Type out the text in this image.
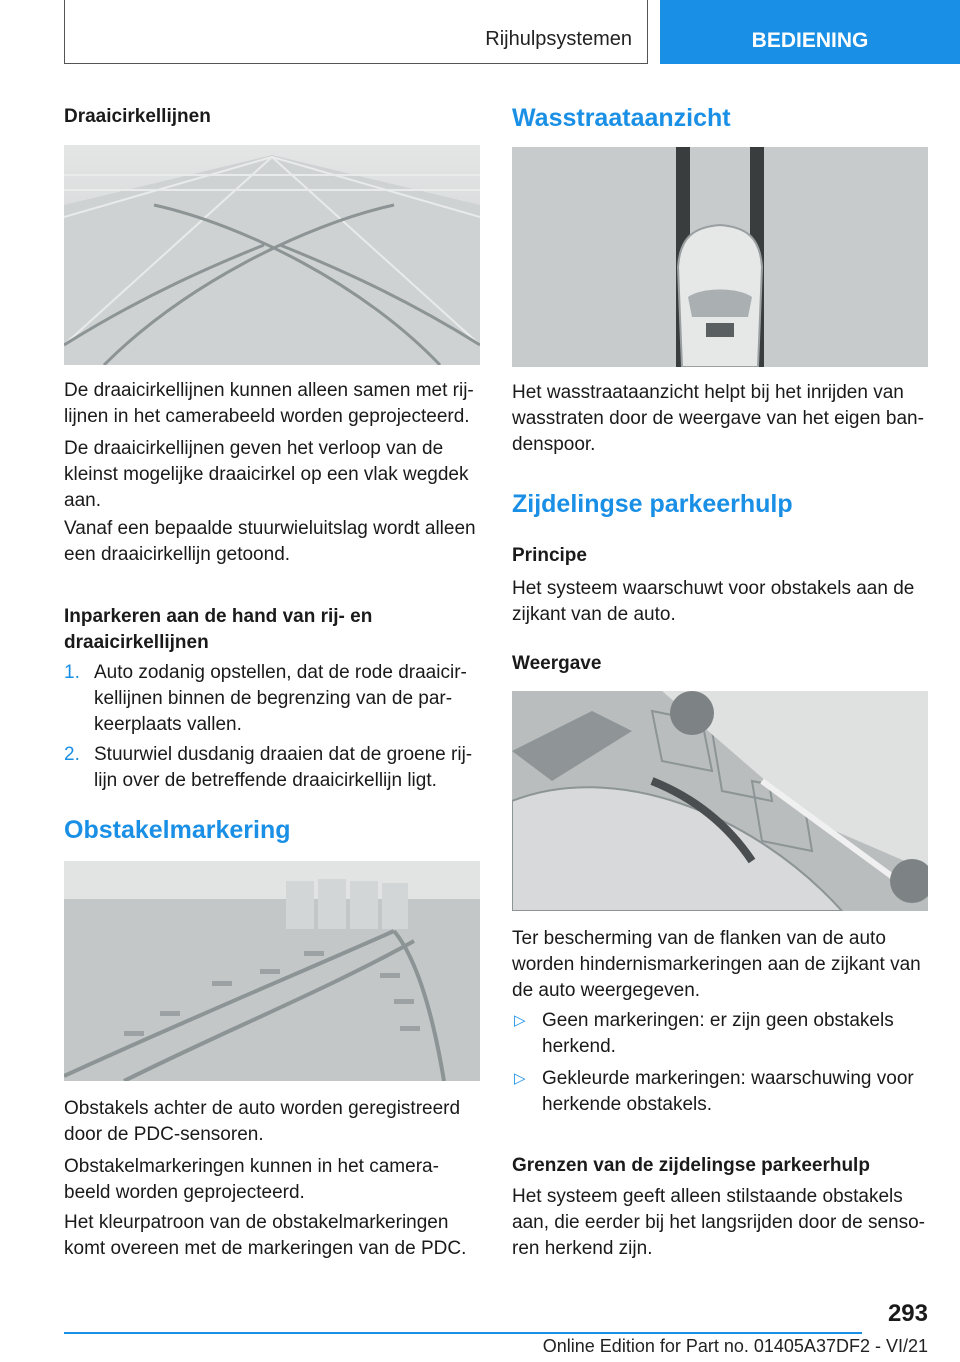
Rijhulpsystemen	BEDIENING
Draaicirkellijnen

De draaicirkellijnen kunnen alleen samen met rij-lijnen in het camerabeeld worden geprojecteerd.

De draaicirkellijnen geven het verloop van de kleinst mogelijke draaicirkel op een vlak wegdek aan.

Vanaf een bepaalde stuurwieluitslag wordt alleen een draaicirkellijn getoond.

Inparkeren aan de hand van rij- en draaicirkellijnen
1. Auto zodanig opstellen, dat de rode draaicir-kellijnen binnen de begrenzing van de par-keerplaats vallen.
2. Stuurwiel dusdanig draaien dat de groene rij-lijn over de betreffende draaicirkellijn ligt.
Obstakelmarkering

Obstakels achter de auto worden geregistreerd door de PDC-sensoren.

Obstakelmarkeringen kunnen in het camera-beeld worden geprojecteerd.

Het kleurpatroon van de obstakelmarkeringen komt overeen met de markeringen van de PDC.

Wasstraataanzicht

Het wasstraataanzicht helpt bij het inrijden van wasstraten door de weergave van het eigen ban-denspoor.

Zijdelingse parkeerhulp
Principe

Het systeem waarschuwt voor obstakels aan de zijkant van de auto.

Weergave

Ter bescherming van de flanken van de auto worden hindernismarkeringen aan de zijkant van de auto weergegeven.

▷ Geen markeringen: er zijn geen obstakels herkend.
▷ Gekleurde markeringen: waarschuwing voor herkende obstakels.
Grenzen van de zijdelingse parkeerhulp

Het systeem geeft alleen stilstaande obstakels aan, die eerder bij het langsrijden door de senso-ren herkend zijn.

293
Online Edition for Part no. 01405A37DF2 - VI/21
